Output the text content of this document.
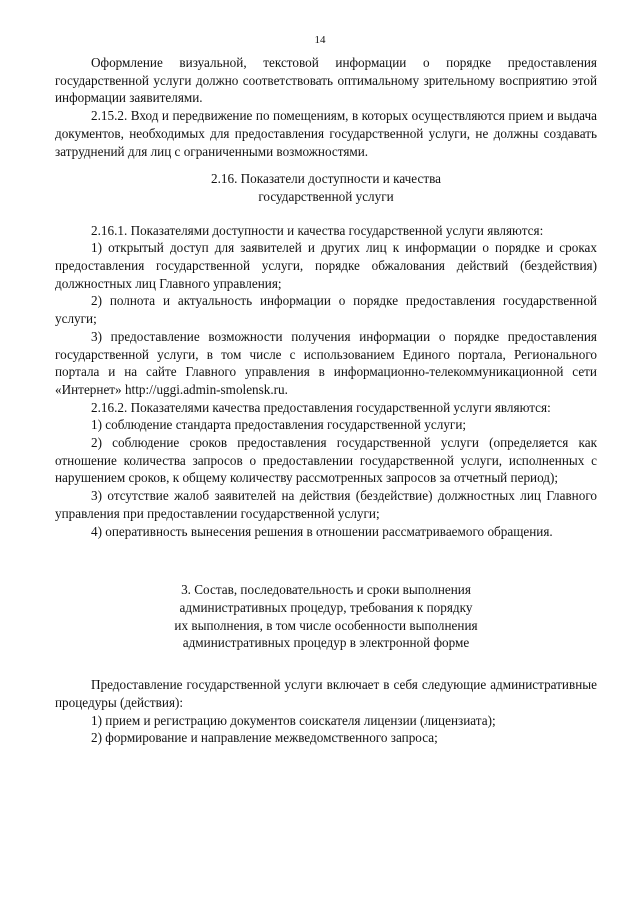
14

Оформление визуальной, текстовой информации о порядке предоставления государственной услуги должно соответствовать оптимальному зрительному восприятию этой информации заявителями.

2.15.2. Вход и передвижение по помещениям, в которых осуществляются прием и выдача документов, необходимых для предоставления государственной услуги, не должны создавать затруднений для лиц с ограниченными возможностями.

2.16. Показатели доступности и качества
государственной услуги

2.16.1. Показателями доступности и качества государственной услуги являются:

1) открытый доступ для заявителей и других лиц к информации о порядке и сроках предоставления государственной услуги, порядке обжалования действий (бездействия) должностных лиц Главного управления;

2) полнота и актуальность информации о порядке предоставления государственной услуги;

3) предоставление возможности получения информации о порядке предоставления государственной услуги, в том числе с использованием Единого портала, Регионального портала и на сайте Главного управления в информационно-телекоммуникационной сети «Интернет» http://uggi.admin-smolensk.ru.

2.16.2. Показателями качества предоставления государственной услуги являются:

1) соблюдение стандарта предоставления государственной услуги;

2) соблюдение сроков предоставления государственной услуги (определяется как отношение количества запросов о предоставлении государственной услуги, исполненных с нарушением сроков, к общему количеству рассмотренных запросов за отчетный период);

3) отсутствие жалоб заявителей на действия (бездействие) должностных лиц Главного управления при предоставлении государственной услуги;

4) оперативность вынесения решения в отношении рассматриваемого обращения.

3. Состав, последовательность и сроки выполнения
административных процедур, требования к порядку
их выполнения, в том числе особенности выполнения
административных процедур в электронной форме

Предоставление государственной услуги включает в себя следующие административные процедуры (действия):

1) прием и регистрацию документов соискателя лицензии (лицензиата);

2) формирование и направление межведомственного запроса;
